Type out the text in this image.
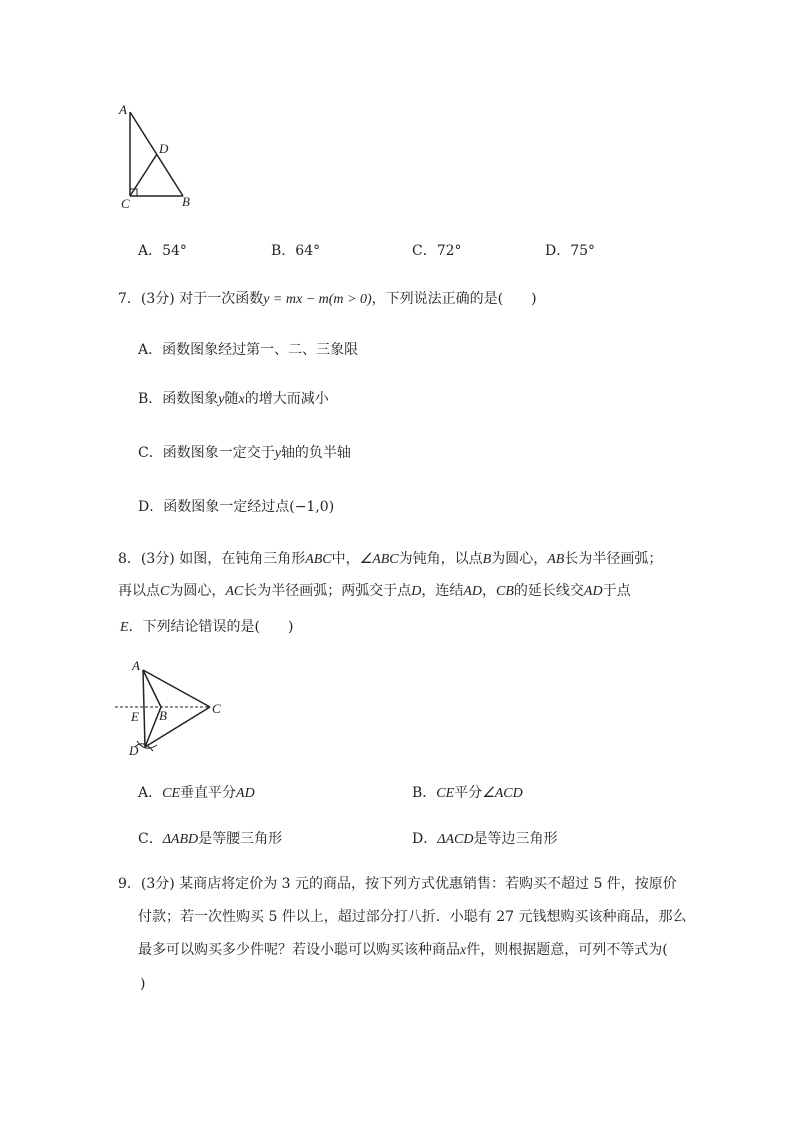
A
D
C	B
A．54°	B．64°	C．72°	D．75°
7．(3分) 对于一次函数y = mx − m(m > 0)，下列说法正确的是(　　)
A．函数图象经过第一、二、三象限
B．函数图象y随x的增大而减小
C．函数图象一定交于y轴的负半轴
D．函数图象一定经过点(−1,0)
8．(3分) 如图，在钝角三角形ABC中，∠ABC为钝角，以点B为圆心，AB长为半径画弧；
再以点C为圆心，AC长为半径画弧；两弧交于点D，连结AD，CB的延长线交AD于点
E．下列结论错误的是(　　)
A
E B	C
D
A．CE垂直平分AD	B．CE平分∠ACD
C．ΔABD是等腰三角形	D．ΔACD是等边三角形
9．(3分) 某商店将定价为 3 元的商品，按下列方式优惠销售：若购买不超过 5 件，按原价
付款；若一次性购买 5 件以上，超过部分打八折．小聪有 27 元钱想购买该种商品，那么
最多可以购买多少件呢？若设小聪可以购买该种商品x件，则根据题意，可列不等式为(
)
